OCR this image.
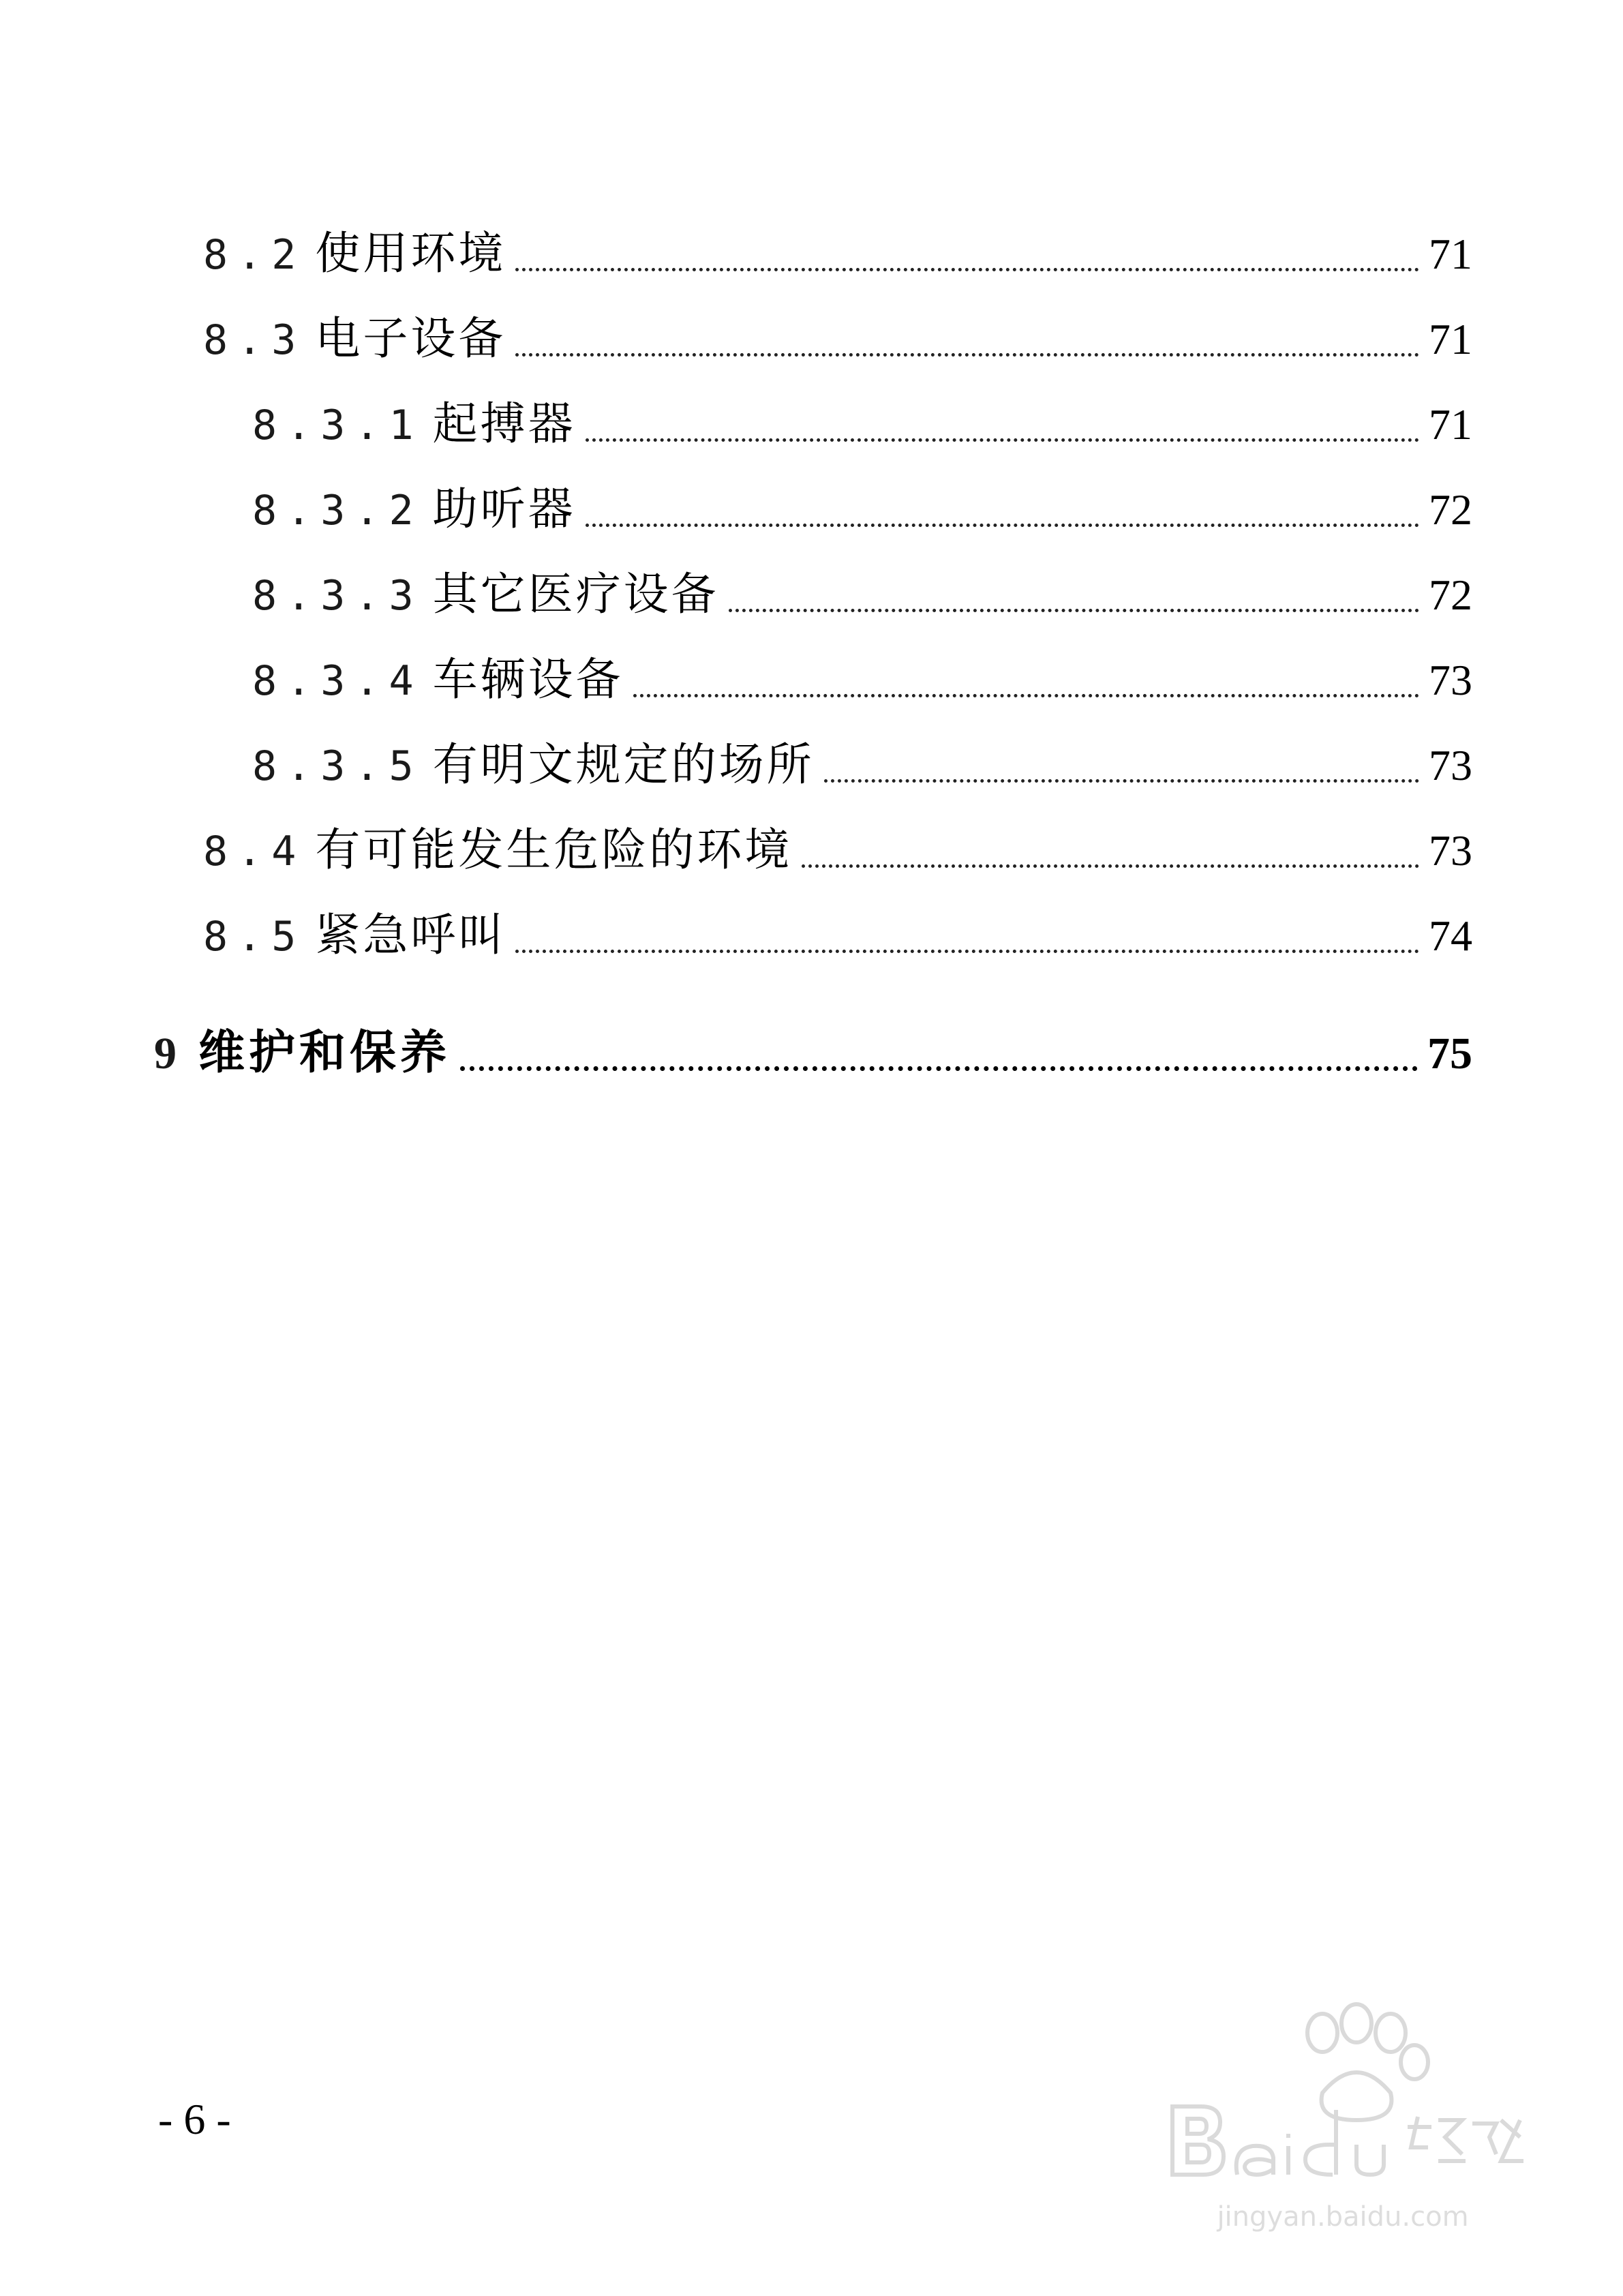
8.2 使用环境	71
8.3 电子设备	71
8.3.1 起搏器	71
8.3.2 助听器	72
8.3.3 其它医疗设备	72
8.3.4 车辆设备	73
8.3.5 有明文规定的场所	73
8.4 有可能发生危险的环境	73
8.5 紧急呼叫	74
9 维护和保养	75
- 6 -
jingyan.baidu.com
